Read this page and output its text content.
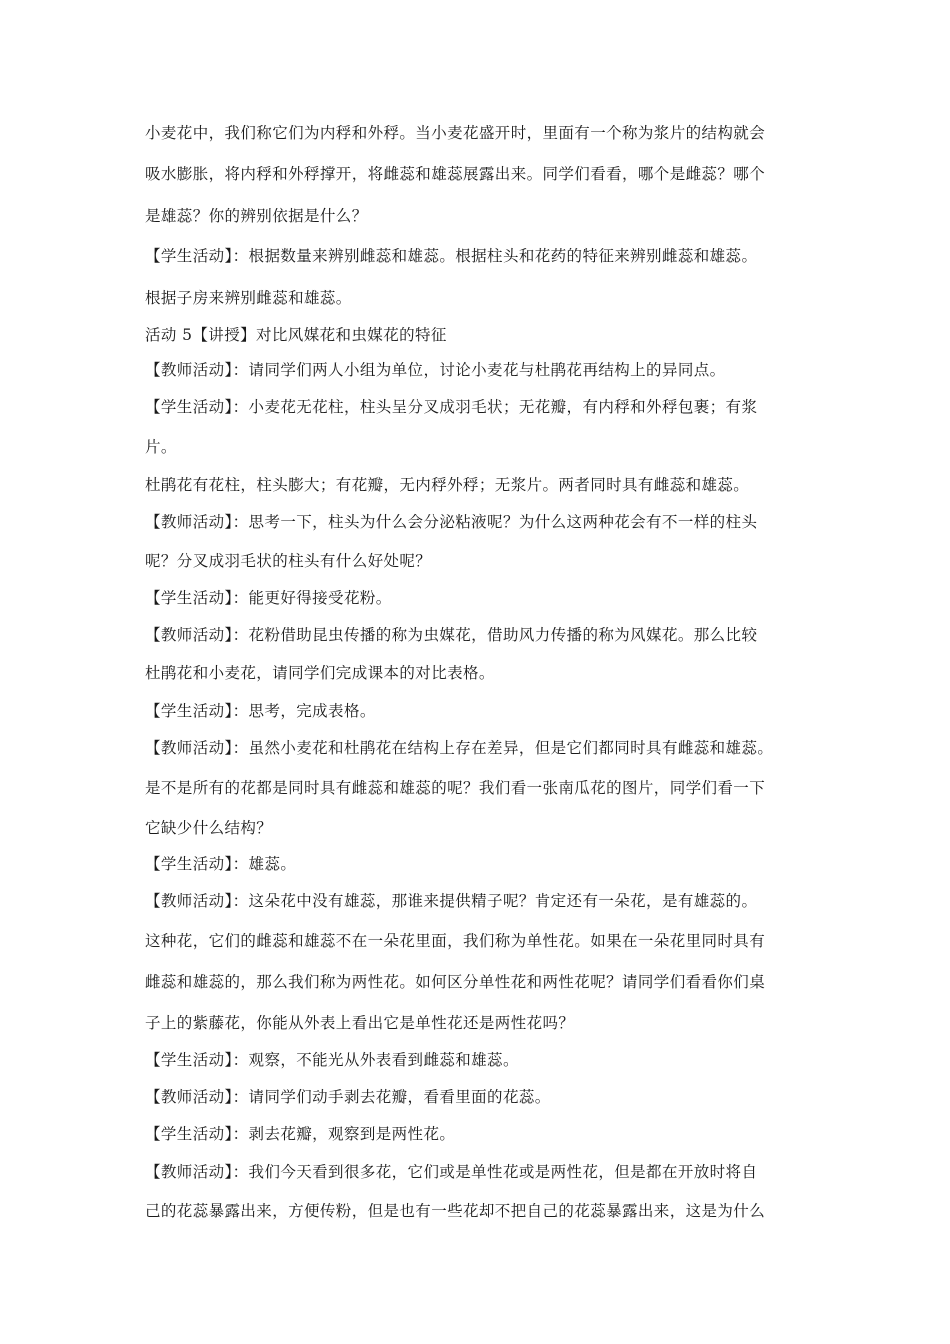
小麦花中，我们称它们为内稃和外稃。当小麦花盛开时，里面有一个称为浆片的结构就会
吸水膨胀，将内稃和外稃撑开，将雌蕊和雄蕊展露出来。同学们看看，哪个是雌蕊？哪个
是雄蕊？你的辨别依据是什么？
【学生活动】：根据数量来辨别雌蕊和雄蕊。根据柱头和花药的特征来辨别雌蕊和雄蕊。
根据子房来辨别雌蕊和雄蕊。
活动 5【讲授】对比风媒花和虫媒花的特征
【教师活动】：请同学们两人小组为单位，讨论小麦花与杜鹃花再结构上的异同点。
【学生活动】：小麦花无花柱，柱头呈分叉成羽毛状；无花瓣，有内稃和外稃包裹；有浆
片。
杜鹃花有花柱，柱头膨大；有花瓣，无内稃外稃；无浆片。两者同时具有雌蕊和雄蕊。
【教师活动】：思考一下，柱头为什么会分泌粘液呢？为什么这两种花会有不一样的柱头
呢？分叉成羽毛状的柱头有什么好处呢？
【学生活动】：能更好得接受花粉。
【教师活动】：花粉借助昆虫传播的称为虫媒花，借助风力传播的称为风媒花。那么比较
杜鹃花和小麦花，请同学们完成课本的对比表格。
【学生活动】：思考，完成表格。
【教师活动】：虽然小麦花和杜鹃花在结构上存在差异，但是它们都同时具有雌蕊和雄蕊。
是不是所有的花都是同时具有雌蕊和雄蕊的呢？我们看一张南瓜花的图片，同学们看一下
它缺少什么结构？
【学生活动】：雄蕊。
【教师活动】：这朵花中没有雄蕊，那谁来提供精子呢？肯定还有一朵花，是有雄蕊的。
这种花，它们的雌蕊和雄蕊不在一朵花里面，我们称为单性花。如果在一朵花里同时具有
雌蕊和雄蕊的，那么我们称为两性花。如何区分单性花和两性花呢？请同学们看看你们桌
子上的紫藤花，你能从外表上看出它是单性花还是两性花吗？
【学生活动】：观察，不能光从外表看到雌蕊和雄蕊。
【教师活动】：请同学们动手剥去花瓣，看看里面的花蕊。
【学生活动】：剥去花瓣，观察到是两性花。
【教师活动】：我们今天看到很多花，它们或是单性花或是两性花，但是都在开放时将自
己的花蕊暴露出来，方便传粉，但是也有一些花却不把自己的花蕊暴露出来，这是为什么
